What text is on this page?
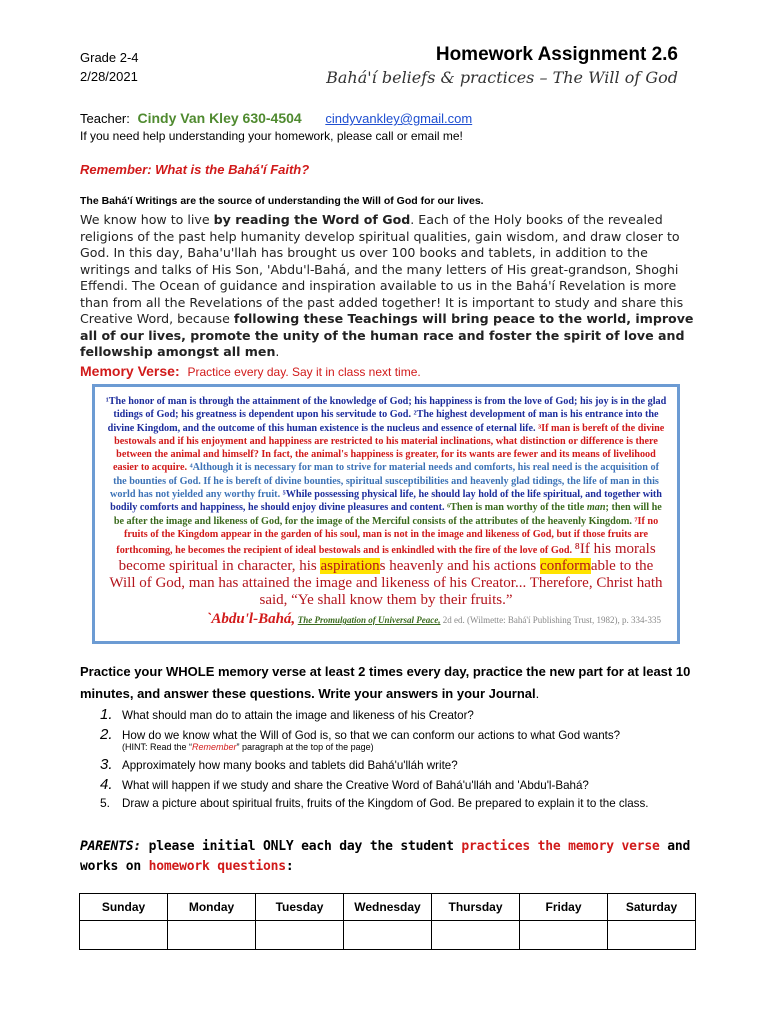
Grade 2-4
2/28/2021
Homework Assignment 2.6
Bahá'í beliefs & practices – The Will of God
Teacher: Cindy Van Kley 630-4504 cindyvankley@gmail.com
If you need help understanding your homework, please call or email me!
Remember: What is the Bahá'í Faith?
The Bahá'í Writings are the source of understanding the Will of God for our lives.
We know how to live by reading the Word of God. Each of the Holy books of the revealed religions of the past help humanity develop spiritual qualities, gain wisdom, and draw closer to God. In this day, Baha'u'llah has brought us over 100 books and tablets, in addition to the writings and talks of His Son, 'Abdu'l-Bahá, and the many letters of His great-grandson, Shoghi Effendi. The Ocean of guidance and inspiration available to us in the Bahá'í Revelation is more than from all the Revelations of the past added together! It is important to study and share this Creative Word, because following these Teachings will bring peace to the world, improve all of our lives, promote the unity of the human race and foster the spirit of love and fellowship amongst all men.
Memory Verse: Practice every day. Say it in class next time.
¹The honor of man is through the attainment of the knowledge of God; his happiness is from the love of God; his joy is in the glad tidings of God; his greatness is dependent upon his servitude to God. ²The highest development of man is his entrance into the divine Kingdom, and the outcome of this human existence is the nucleus and essence of eternal life. ³If man is bereft of the divine bestowals and if his enjoyment and happiness are restricted to his material inclinations, what distinction or difference is there between the animal and himself? In fact, the animal's happiness is greater, for its wants are fewer and its means of livelihood easier to acquire. ⁴Although it is necessary for man to strive for material needs and comforts, his real need is the acquisition of the bounties of God. If he is bereft of divine bounties, spiritual susceptibilities and heavenly glad tidings, the life of man in this world has not yielded any worthy fruit. ⁵While possessing physical life, he should lay hold of the life spiritual, and together with bodily comforts and happiness, he should enjoy divine pleasures and content. ⁶Then is man worthy of the title man; then will he be after the image and likeness of God, for the image of the Merciful consists of the attributes of the heavenly Kingdom. ⁷If no fruits of the Kingdom appear in the garden of his soul, man is not in the image and likeness of God, but if those fruits are forthcoming, he becomes the recipient of ideal bestowals and is enkindled with the fire of the love of God. ⁸If his morals become spiritual in character, his aspirations heavenly and his actions conformable to the Will of God, man has attained the image and likeness of his Creator... Therefore, Christ hath said, “Ye shall know them by their fruits.”
`Abdu'l-Bahá, The Promulgation of Universal Peace, 2d ed. (Wilmette: Bahá'í Publishing Trust, 1982), p. 334-335
Practice your WHOLE memory verse at least 2 times every day, practice the new part for at least 10 minutes, and answer these questions. Write your answers in your Journal.
1. What should man do to attain the image and likeness of his Creator?
2. How do we know what the Will of God is, so that we can conform our actions to what God wants?
(HINT: Read the “Remember” paragraph at the top of the page)
3. Approximately how many books and tablets did Bahá'u'lláh write?
4. What will happen if we study and share the Creative Word of Bahá'u'lláh and 'Abdu'l-Bahá?
5.	Draw a picture about spiritual fruits, fruits of the Kingdom of God. Be prepared to explain it to the class.
PARENTS: please initial ONLY each day the student practices the memory verse and works on homework questions:
Sunday	Monday	Tuesday	Wednesday	Thursday	Friday	Saturday
